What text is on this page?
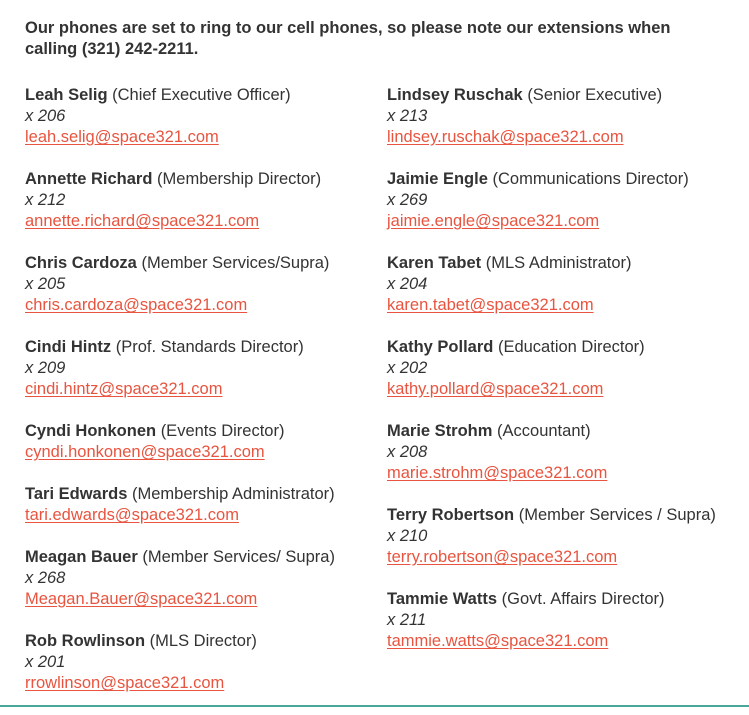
Our phones are set to ring to our cell phones, so please note our extensions when calling (321) 242-2211.
Leah Selig (Chief Executive Officer)
x 206
leah.selig@space321.com
Annette Richard (Membership Director)
x 212
annette.richard@space321.com
Chris Cardoza (Member Services/Supra)
x 205
chris.cardoza@space321.com
Cindi Hintz (Prof. Standards Director)
x 209
cindi.hintz@space321.com
Cyndi Honkonen (Events Director)
cyndi.honkonen@space321.com
Tari Edwards (Membership Administrator)
tari.edwards@space321.com
Meagan Bauer (Member Services/ Supra)
x 268
Meagan.Bauer@space321.com
Rob Rowlinson (MLS Director)
x 201
rrowlinson@space321.com
Lindsey Ruschak (Senior Executive)
x 213
lindsey.ruschak@space321.com
Jaimie Engle (Communications Director)
x 269
jaimie.engle@space321.com
Karen Tabet (MLS Administrator)
x 204
karen.tabet@space321.com
Kathy Pollard (Education Director)
x 202
kathy.pollard@space321.com
Marie Strohm (Accountant)
x 208
marie.strohm@space321.com
Terry Robertson (Member Services / Supra)
x 210
terry.robertson@space321.com
Tammie Watts (Govt. Affairs Director)
x 211
tammie.watts@space321.com
